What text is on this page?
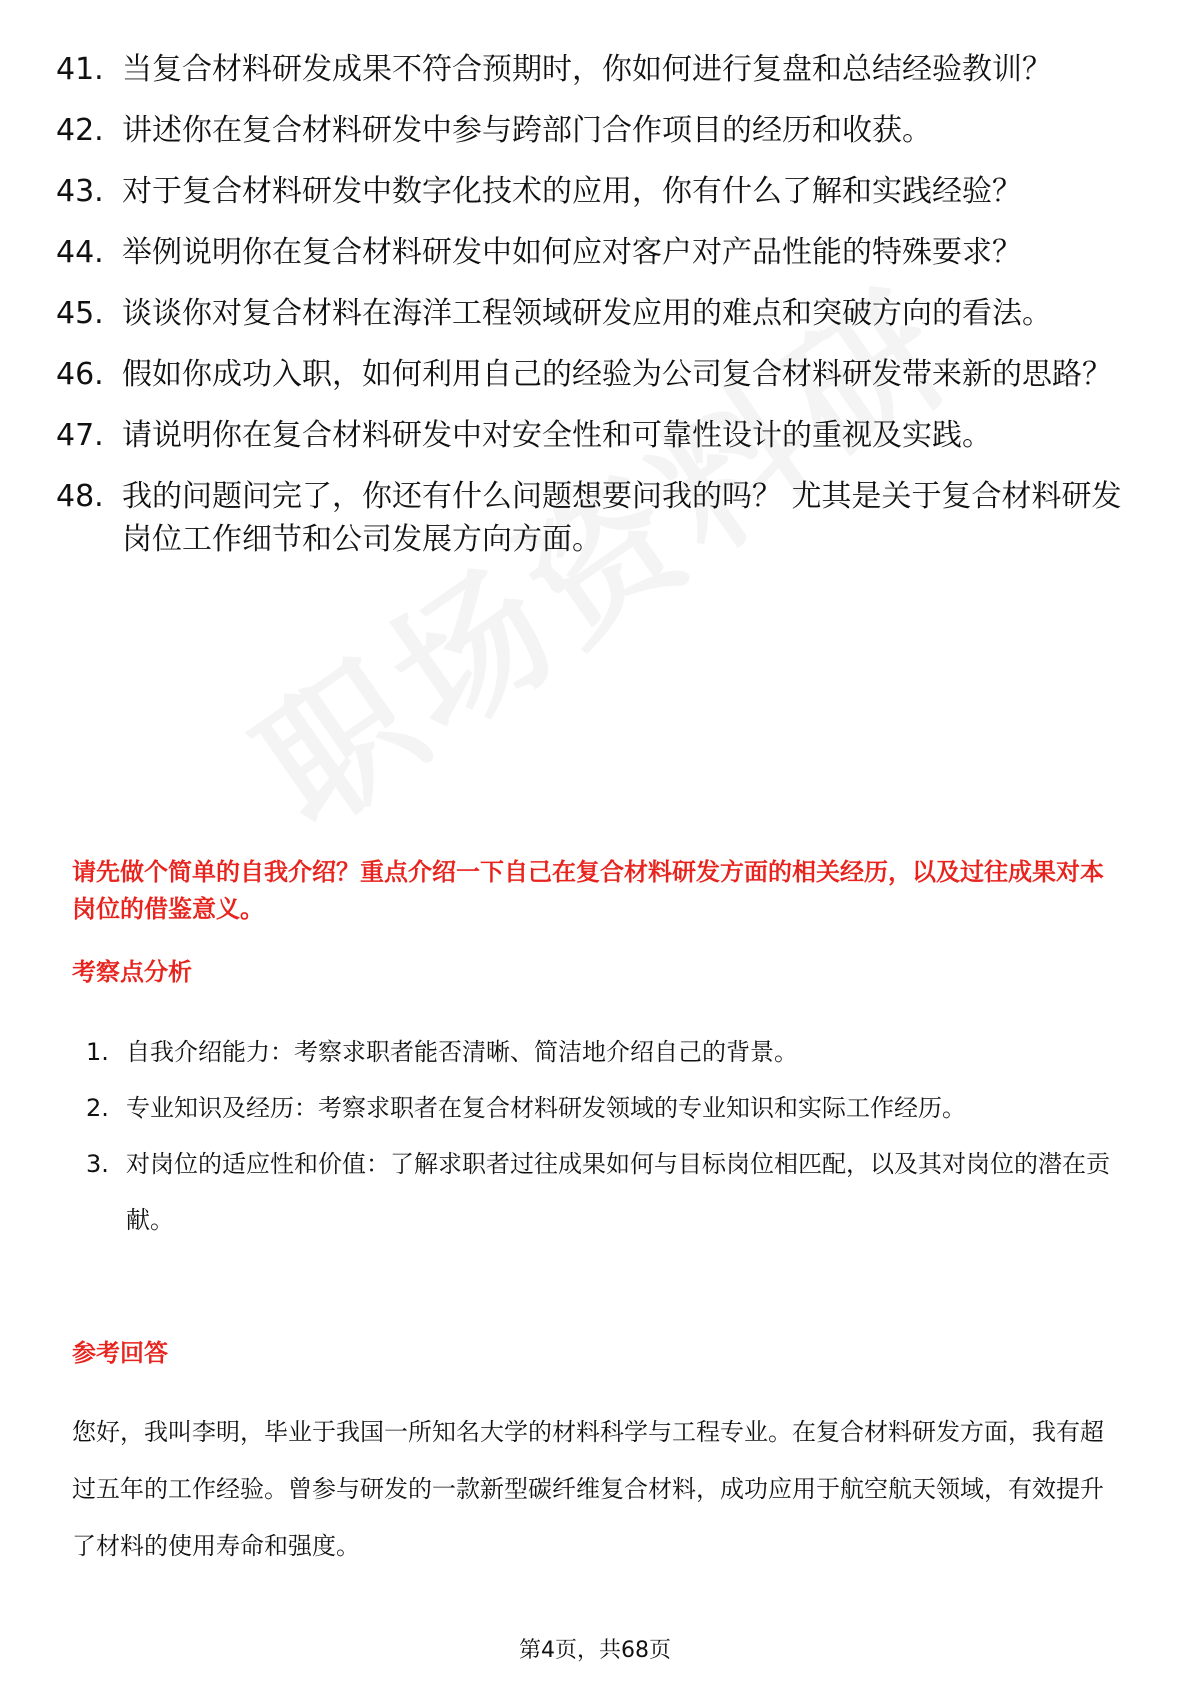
41. 当复合材料研发成果不符合预期时，你如何进行复盘和总结经验教训？
42. 讲述你在复合材料研发中参与跨部门合作项目的经历和收获。
43. 对于复合材料研发中数字化技术的应用，你有什么了解和实践经验？
44. 举例说明你在复合材料研发中如何应对客户对产品性能的特殊要求？
45. 谈谈你对复合材料在海洋工程领域研发应用的难点和突破方向的看法。
46. 假如你成功入职，如何利用自己的经验为公司复合材料研发带来新的思路？
47. 请说明你在复合材料研发中对安全性和可靠性设计的重视及实践。
48. 我的问题问完了，你还有什么问题想要问我的吗？ 尤其是关于复合材料研发岗位工作细节和公司发展方向方面。
请先做个简单的自我介绍？重点介绍一下自己在复合材料研发方面的相关经历，以及过往成果对本岗位的借鉴意义。
考察点分析
1. 自我介绍能力：考察求职者能否清晰、简洁地介绍自己的背景。
2. 专业知识及经历：考察求职者在复合材料研发领域的专业知识和实际工作经历。
3. 对岗位的适应性和价值：了解求职者过往成果如何与目标岗位相匹配，以及其对岗位的潜在贡献。
参考回答
您好，我叫李明，毕业于我国一所知名大学的材料科学与工程专业。在复合材料研发方面，我有超过五年的工作经验。曾参与研发的一款新型碳纤维复合材料，成功应用于航空航天领域，有效提升了材料的使用寿命和强度。
第4页，共68页
